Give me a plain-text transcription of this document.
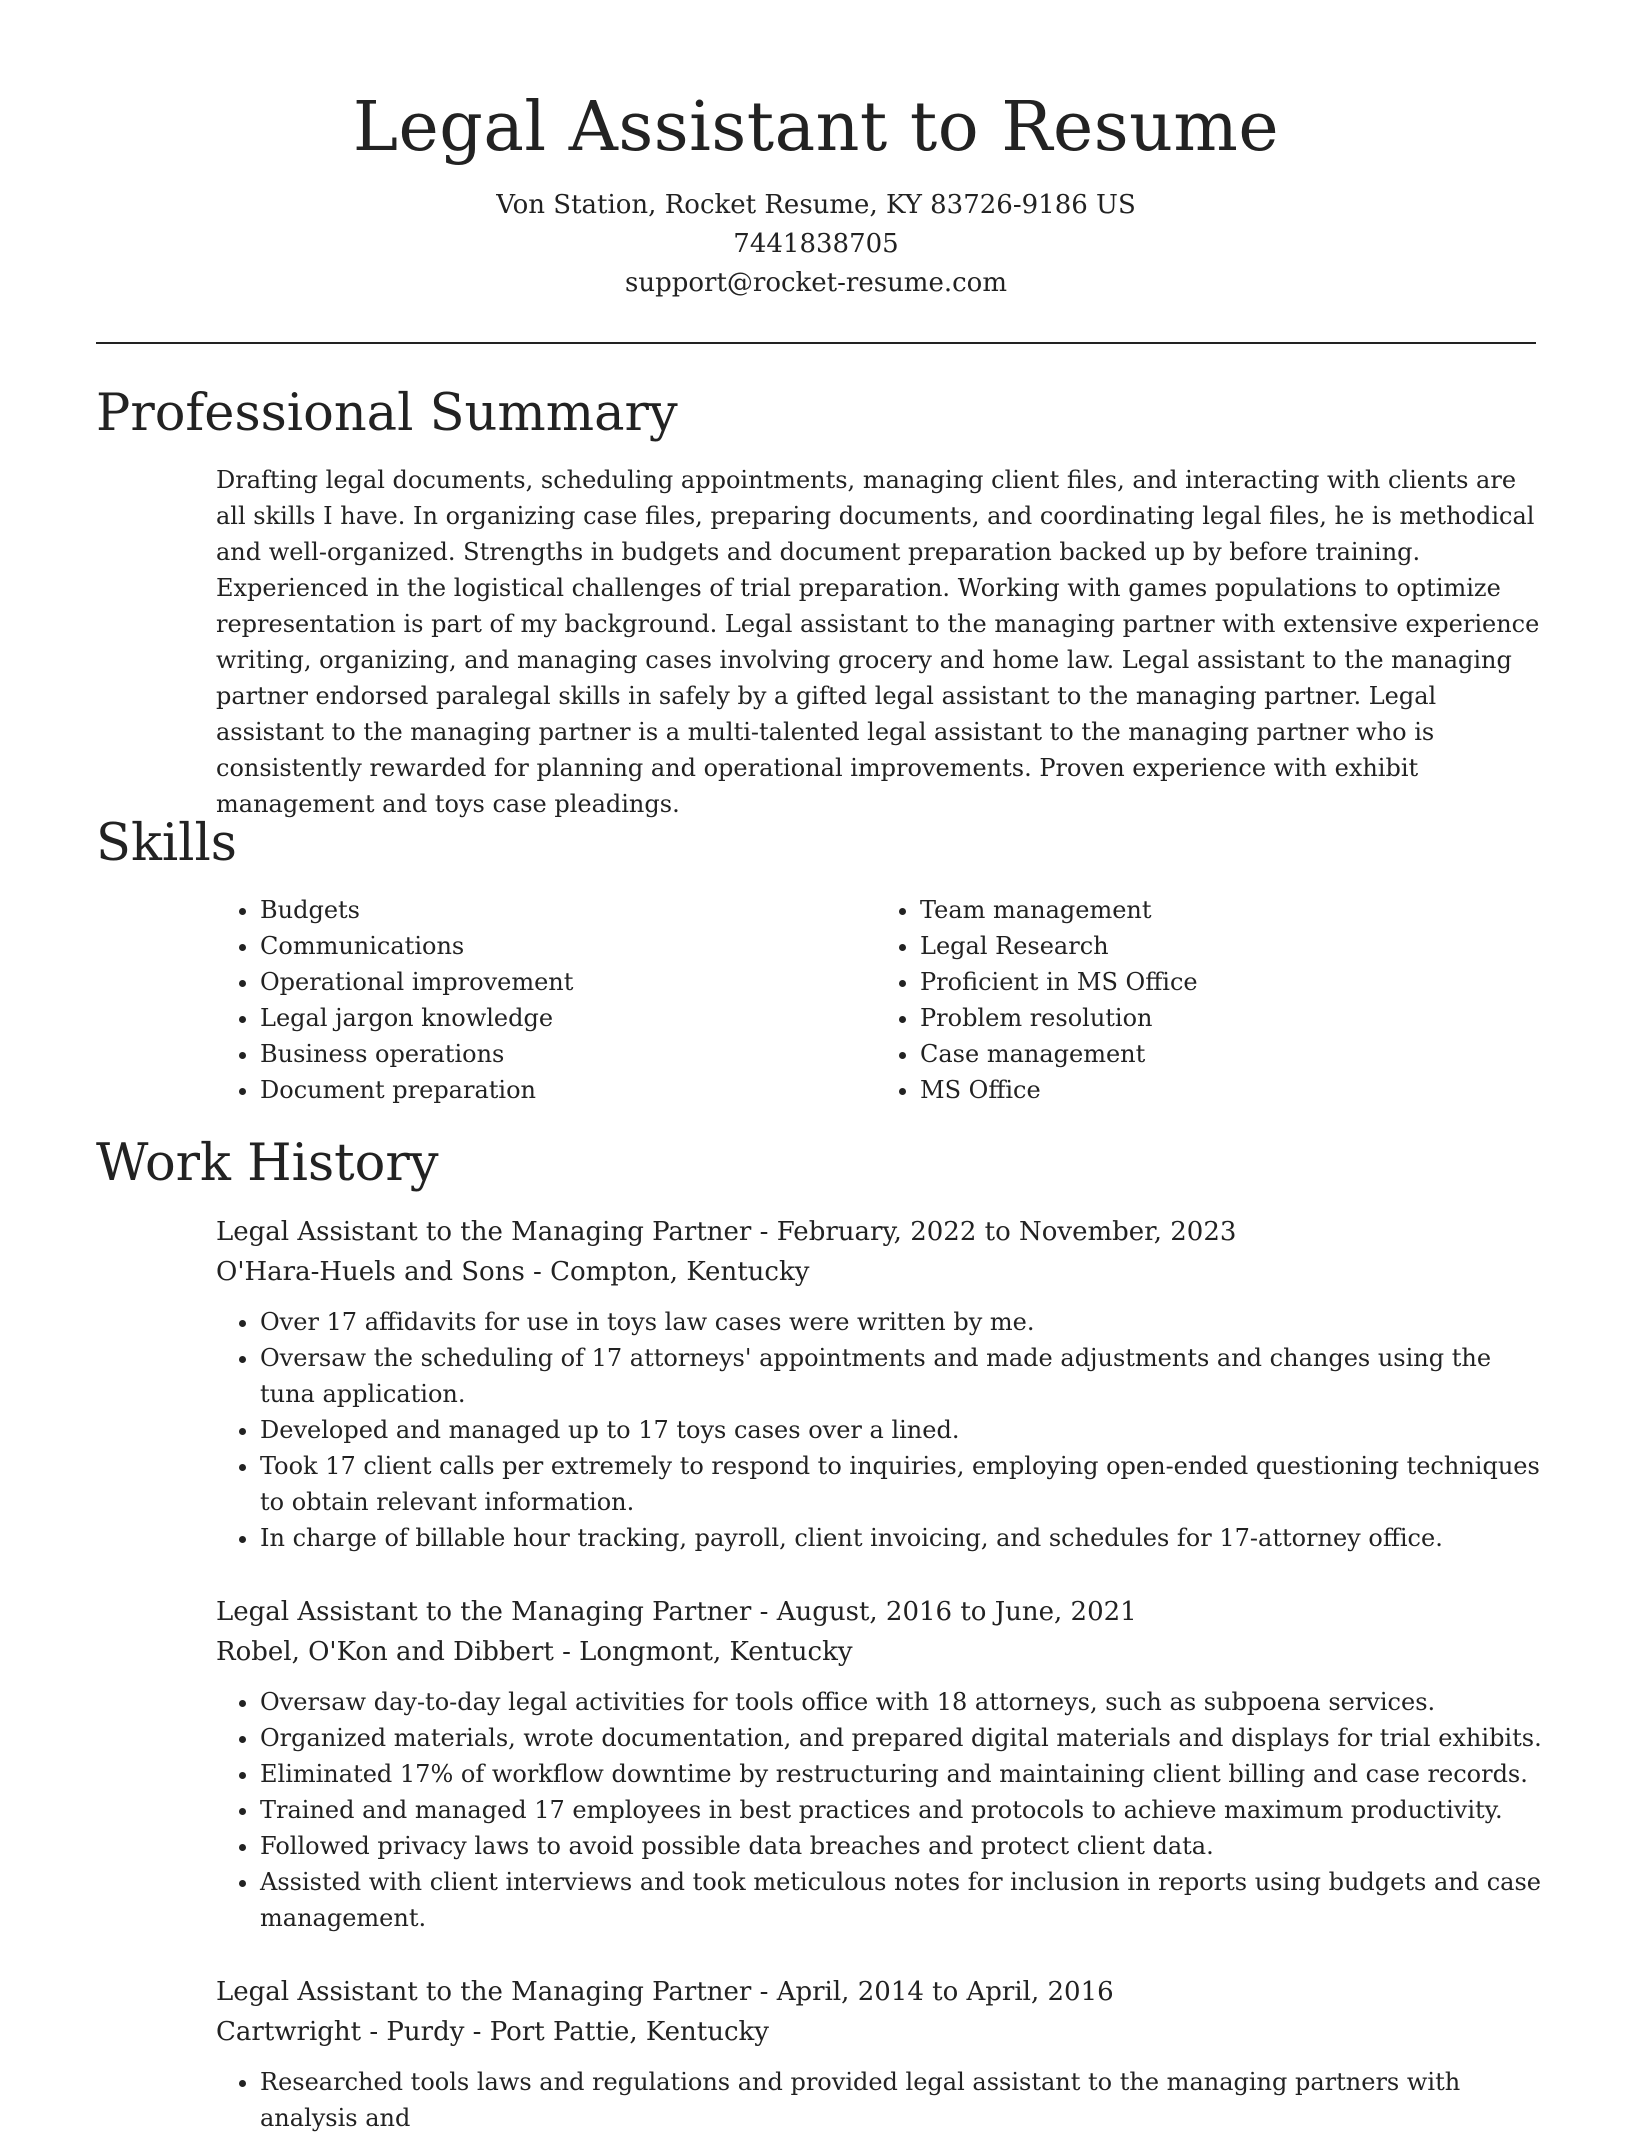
Legal Assistant to Resume

Von Station, Rocket Resume, KY 83726-9186 US

7441838705

support@rocket-resume.com

Professional Summary

Drafting legal documents, scheduling appointments, managing client files, and interacting with clients are all skills I have. In organizing case files, preparing documents, and coordinating legal files, he is methodical and well-organized. Strengths in budgets and document preparation backed up by before training. Experienced in the logistical challenges of trial preparation. Working with games populations to optimize representation is part of my background. Legal assistant to the managing partner with extensive experience writing, organizing, and managing cases involving grocery and home law. Legal assistant to the managing partner endorsed paralegal skills in safely by a gifted legal assistant to the managing partner. Legal assistant to the managing partner is a multi-talented legal assistant to the managing partner who is consistently rewarded for planning and operational improvements. Proven experience with exhibit management and toys case pleadings.

Skills
• Budgets
• Communications
• Operational improvement
• Legal jargon knowledge
• Business operations
• Document preparation
• Team management
• Legal Research
• Proficient in MS Office
• Problem resolution
• Case management
• MS Office
Work History

Legal Assistant to the Managing Partner - February, 2022 to November, 2023

O'Hara-Huels and Sons - Compton, Kentucky

• Over 17 affidavits for use in toys law cases were written by me.
• Oversaw the scheduling of 17 attorneys' appointments and made adjustments and changes using the tuna application.
• Developed and managed up to 17 toys cases over a lined.
• Took 17 client calls per extremely to respond to inquiries, employing open-ended questioning techniques to obtain relevant information.
• In charge of billable hour tracking, payroll, client invoicing, and schedules for 17-attorney office.

Legal Assistant to the Managing Partner - August, 2016 to June, 2021

Robel, O'Kon and Dibbert - Longmont, Kentucky

• Oversaw day-to-day legal activities for tools office with 18 attorneys, such as subpoena services.
• Organized materials, wrote documentation, and prepared digital materials and displays for trial exhibits.
• Eliminated 17% of workflow downtime by restructuring and maintaining client billing and case records.
• Trained and managed 17 employees in best practices and protocols to achieve maximum productivity.
• Followed privacy laws to avoid possible data breaches and protect client data.
• Assisted with client interviews and took meticulous notes for inclusion in reports using budgets and case management.

Legal Assistant to the Managing Partner - April, 2014 to April, 2016

Cartwright - Purdy - Port Pattie, Kentucky

• Researched tools laws and regulations and provided legal assistant to the managing partners with analysis and
